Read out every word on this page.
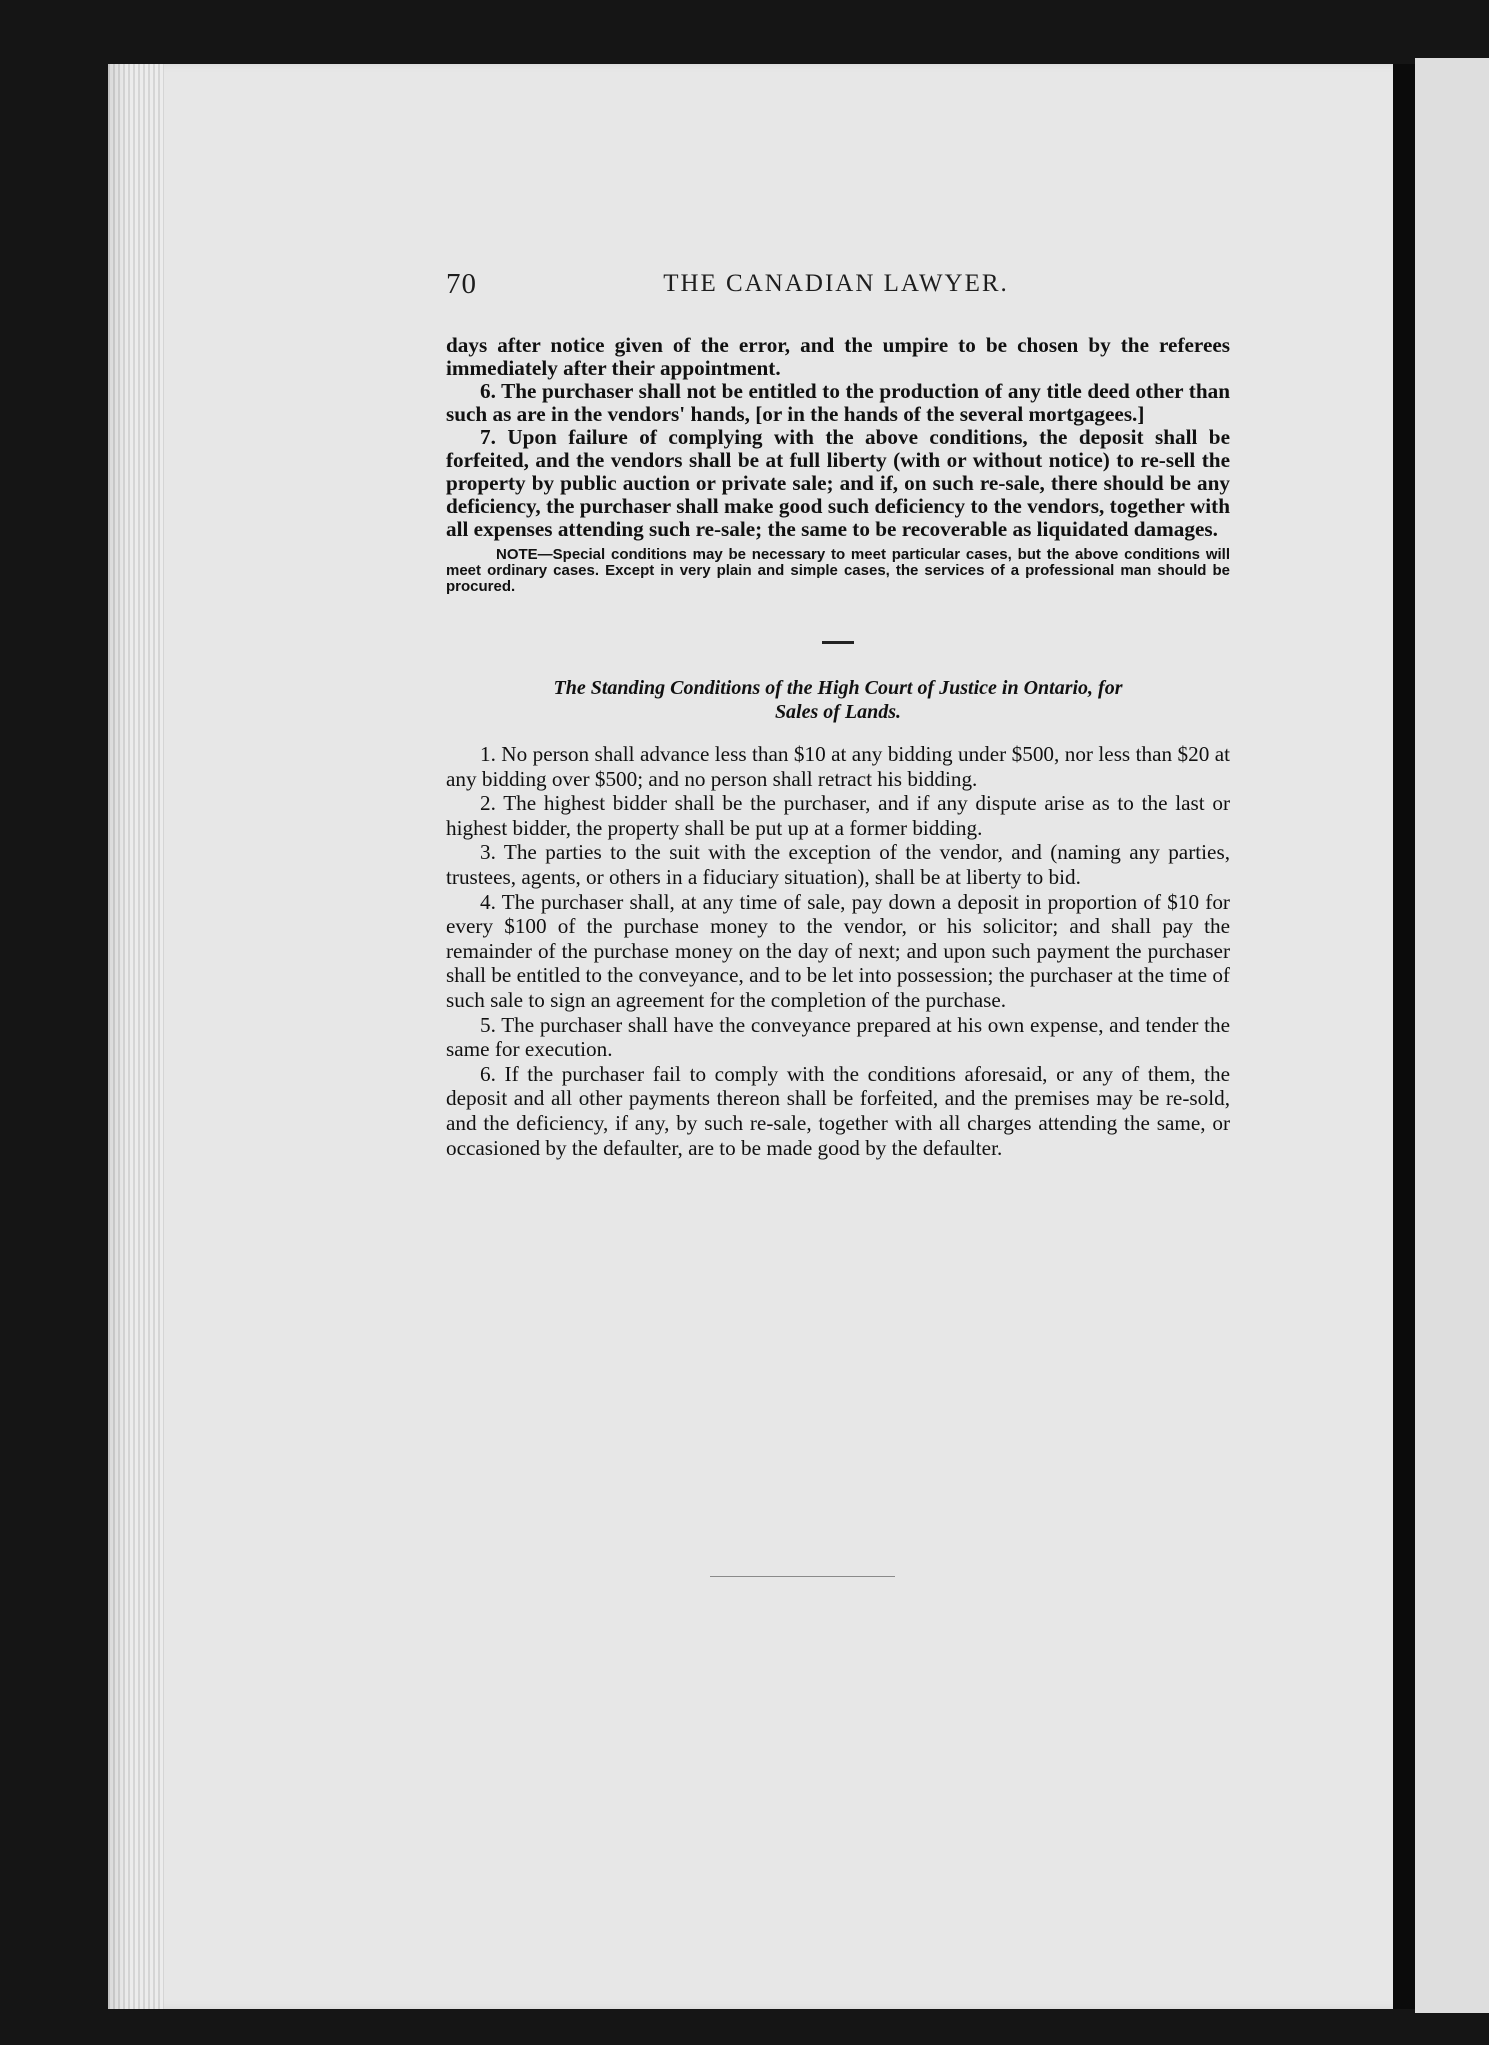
70	THE CANADIAN LAWYER.

days after notice given of the error, and the umpire to be chosen by the referees immediately after their appointment.

6. The purchaser shall not be entitled to the production of any title deed other than such as are in the vendors' hands, [or in the hands of the several mortgagees.]

7. Upon failure of complying with the above conditions, the deposit shall be forfeited, and the vendors shall be at full liberty (with or without notice) to re-sell the property by public auction or private sale; and if, on such re-sale, there should be any deficiency, the purchaser shall make good such deficiency to the vendors, together with all expenses attending such re-sale; the same to be recoverable as liquidated damages.

NOTE—Special conditions may be necessary to meet particular cases, but the above conditions will meet ordinary cases. Except in very plain and simple cases, the services of a professional man should be procured.

The Standing Conditions of the High Court of Justice in Ontario, for
Sales of Lands.

1. No person shall advance less than $10 at any bidding under $500, nor less than $20 at any bidding over $500; and no person shall retract his bidding.

2. The highest bidder shall be the purchaser, and if any dispute arise as to the last or highest bidder, the property shall be put up at a former bidding.

3. The parties to the suit with the exception of the vendor, and (naming any parties, trustees, agents, or others in a fiduciary situation), shall be at liberty to bid.

4. The purchaser shall, at any time of sale, pay down a deposit in proportion of $10 for every $100 of the purchase money to the vendor, or his solicitor; and shall pay the remainder of the purchase money on the day of next; and upon such payment the purchaser shall be entitled to the conveyance, and to be let into possession; the purchaser at the time of such sale to sign an agreement for the completion of the purchase.

5. The purchaser shall have the conveyance prepared at his own expense, and tender the same for execution.

6. If the purchaser fail to comply with the conditions aforesaid, or any of them, the deposit and all other payments thereon shall be forfeited, and the premises may be re-sold, and the deficiency, if any, by such re-sale, together with all charges attending the same, or occasioned by the defaulter, are to be made good by the defaulter.
